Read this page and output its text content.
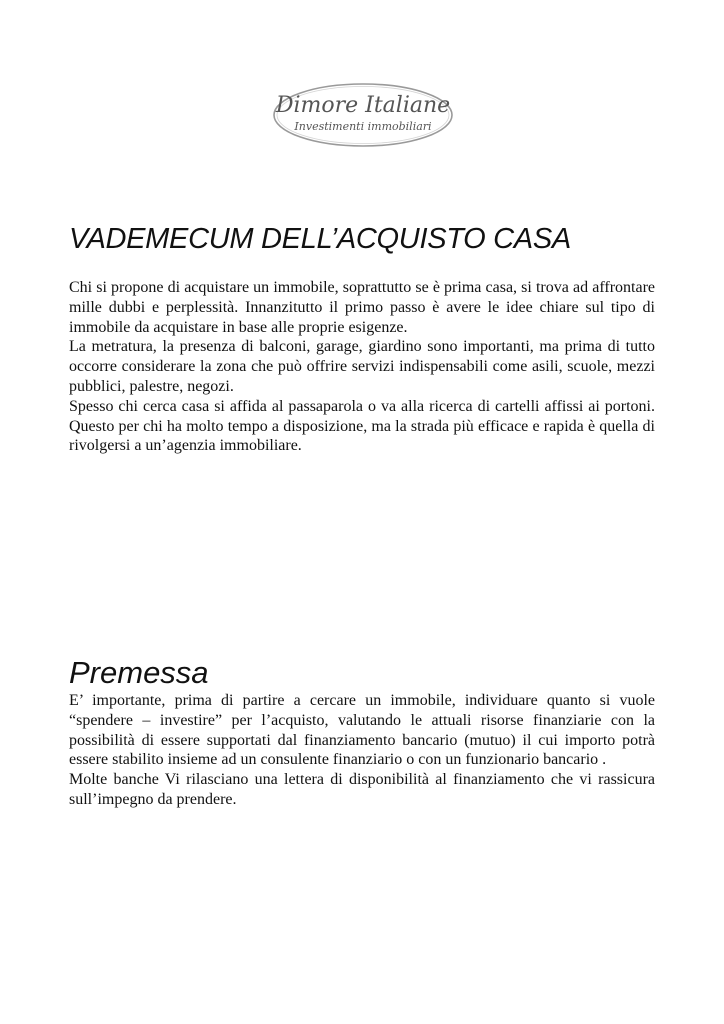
Dimore Italiane
Investimenti immobiliari
VADEMECUM DELL’ACQUISTO CASA

Chi si propone di acquistare un immobile, soprattutto se è prima casa, si trova ad affrontare mille dubbi e perplessità. Innanzitutto il primo passo è avere le idee chiare sul tipo di immobile da acquistare in base alle proprie esigenze.

La metratura, la presenza di balconi, garage, giardino sono importanti, ma prima di tutto occorre considerare la zona che può offrire servizi indispensabili come asili, scuole, mezzi pubblici, palestre, negozi.

Spesso chi cerca casa si affida al passaparola o va alla ricerca di cartelli affissi ai portoni. Questo per chi ha molto tempo a disposizione, ma la strada più efficace e rapida è quella di rivolgersi a un’agenzia immobiliare.

Premessa

E’ importante, prima di partire a cercare un immobile, individuare quanto si vuole “spendere – investire” per l’acquisto, valutando le attuali risorse finanziarie con la possibilità di essere supportati dal finanziamento bancario (mutuo) il cui importo potrà essere stabilito insieme ad un consulente finanziario o con un funzionario bancario .

Molte banche Vi rilasciano una lettera di disponibilità al finanziamento che vi rassicura sull’impegno da prendere.
